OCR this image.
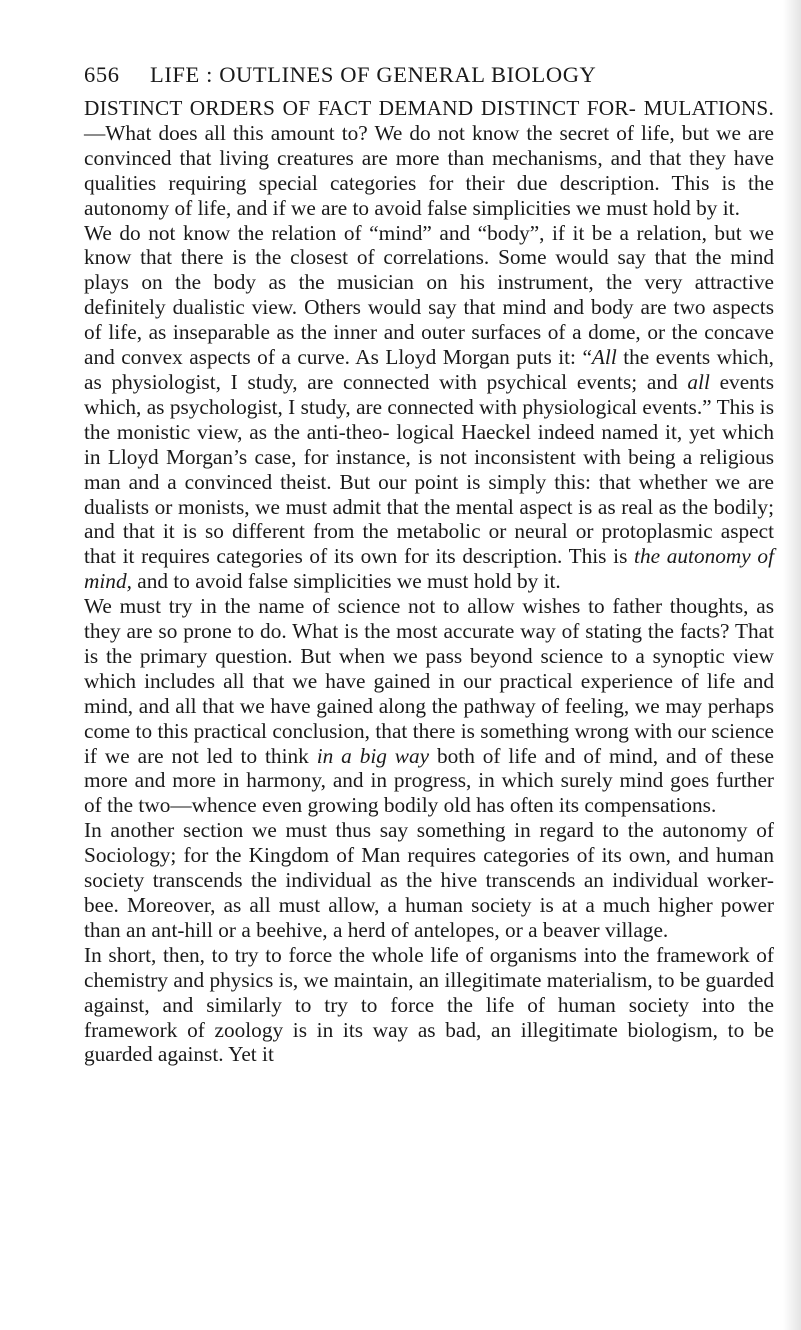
656 LIFE : OUTLINES OF GENERAL BIOLOGY

DISTINCT ORDERS OF FACT DEMAND DISTINCT FOR- MULATIONS.—What does all this amount to? We do not know the secret of life, but we are convinced that living creatures are more than mechanisms, and that they have qualities requiring special categories for their due description. This is the autonomy of life, and if we are to avoid false simplicities we must hold by it.

We do not know the relation of “mind” and “body”, if it be a relation, but we know that there is the closest of correlations. Some would say that the mind plays on the body as the musician on his instrument, the very attractive definitely dualistic view. Others would say that mind and body are two aspects of life, as inseparable as the inner and outer surfaces of a dome, or the concave and convex aspects of a curve. As Lloyd Morgan puts it: “All the events which, as physiologist, I study, are connected with psychical events; and all events which, as psychologist, I study, are connected with physiological events.” This is the monistic view, as the anti-theo- logical Haeckel indeed named it, yet which in Lloyd Morgan’s case, for instance, is not inconsistent with being a religious man and a convinced theist. But our point is simply this: that whether we are dualists or monists, we must admit that the mental aspect is as real as the bodily; and that it is so different from the metabolic or neural or protoplasmic aspect that it requires categories of its own for its description. This is the autonomy of mind, and to avoid false simplicities we must hold by it.

We must try in the name of science not to allow wishes to father thoughts, as they are so prone to do. What is the most accurate way of stating the facts? That is the primary question. But when we pass beyond science to a synoptic view which includes all that we have gained in our practical experience of life and mind, and all that we have gained along the pathway of feeling, we may perhaps come to this practical conclusion, that there is something wrong with our science if we are not led to think in a big way both of life and of mind, and of these more and more in harmony, and in progress, in which surely mind goes further of the two—whence even growing bodily old has often its compensations.

In another section we must thus say something in regard to the autonomy of Sociology; for the Kingdom of Man requires categories of its own, and human society transcends the individual as the hive transcends an individual worker-bee. Moreover, as all must allow, a human society is at a much higher power than an ant-hill or a beehive, a herd of antelopes, or a beaver village.

In short, then, to try to force the whole life of organisms into the framework of chemistry and physics is, we maintain, an illegitimate materialism, to be guarded against, and similarly to try to force the life of human society into the framework of zoology is in its way as bad, an illegitimate biologism, to be guarded against. Yet it
